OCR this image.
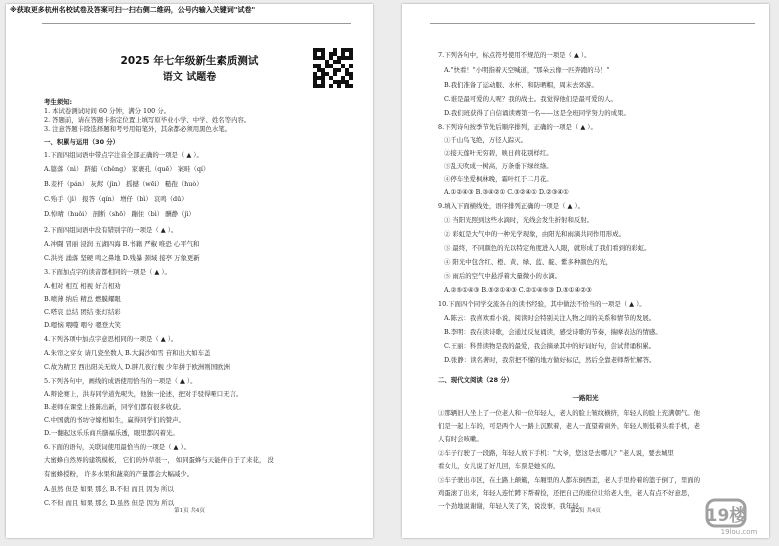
※获取更多杭州名校试卷及答案可扫一扫右侧二维码，公号内输入关键词"试卷"
2025 年七年级新生素质测试
语文 试题卷
考生须知:
1. 本试卷测试时间 60 分钟，满分 100 分。
2. 答题前，请在答题卡指定位置上填写原毕业小学、中学、姓名等内容。
3. 注意答题卡除选择题和考号用铅笔外，其余都必须用黑色水笔。
一、积累与运用（30 分）
1.下面四组词语中带点字注音全部正确的一项是（ ▲ ）。
A.篇落（nì） 跻捕（chěng） 家裹孔（quē） 案畦（qí）
B.麦杆（pán） 灰烬（jìn） 摇撼（wēi） 糙孢（huò）
C.殆手（jì） 报答（qín） 增仔（bì） 哀鸣（dū）
D.悼晴（huǒi） 剖断（shō） 蹦住（bì） 酬静（jì）
2.下面四组词语中没有错别字的一项是（ ▲ ）。
A.冲闘 冒丽 浸润 五湖四海 B.书籍 严椒 唯恐 心平气和
C.洪亮 涌落 坚硬 鸣之鼻地 D.残暴 颈域 接亭 万象更新
3.下面加点字的读音都相同的一项是（ ▲ ）。
A.相对 相互 相视 好言相劝
B.喷薄 纳后 精总 燃膜耀眼
C.嗒哀 总结 团结 张灯结彩
D.嗯恼 喂噬 咽兮 嗯登大笑
4.下列各项中加点字意思相同的一项是（ ▲ ）。
A.朱帘之穿女 请几瓷坐数人 B.大漏沙如雪 苷和出大如车盖
C.故为精卫 西出阳关无故人 D.胖几夜行舰 少年拼于欧洲则国欧洲
5.下列各句中，画线的成语使用恰当的一项是（ ▲ ）。
A.辩论赛上，洪寿同学道先呢失，他独一论述，把对手驳得哑口无言。
B.老师在课堂上推陈出新，同学们都有很多收获。
C.中国就的书坊守嫁相如生，赢得同学们的赞声。
D.一翻起这乐乐商兵膳福乐透，眼里都闪着光。
6.下面的语句，关联词使用最恰当的一项是（ ▲ ）。
大蜜蜂自然界的建筑模板， 它们的外草很一， 如同蛋蜂与天能伴自于了来花， 没
有蜜蜂授粉， 许多水果和蔬菜的产量都会大幅减少。
A.虽然 但是 如果 那么 B.不但 而且 因为 所以
C.不但 而且 如果 那么 D.虽然 但是 因为 所以
第1页 共4页
7.下列各句中，标点符号使用不规范的一项是（ ▲ ）。
A."快看！"小明指着天空喊道，"那朵云像一匹奔跑的马！"
B.我们准备了运动服、水杯、和防晒帽，周末去郊游。
C.谁是最可爱的人呢？我的战士。我觉得他们是最可爱的人。
D.我们班获得了自信诵读赛第一名——这是全班同学努力的成果。
8.下列诗句按季节先后顺序排列，正确的一项是（ ▲ ）。
①千山鸟飞绝，万径人踪灭。
②接天莲叶无穷碧，映日荷花别样红。
③乱天吹成一树高，万条垂下绿丝绦。
④停车坐爱枫林晚，霜叶红于二月花。
A.①②④③ B.③④②① C.③②④① D.②③④①
9.填入下面横线处，语序排列正确的一项是（ ▲ ）。
① 当阳光照到这些水滴时，光线会发生折射和反射。
② 彩虹是大气中的一种光学现象，由阳光和雨滴共同作用形成。
③ 最终，不同颜色的光以特定角度进入人眼，就形成了我们看到的彩虹。
④ 阳光中包含红、橙、黄、绿、蓝、靛、紫多种颜色的光，
⑤ 雨后的空气中悬浮着大量微小的水滴。
A.②⑤①④③ B.⑤②①④③ C.②①④⑤③ D.⑤①④②③
10.下面四个同学交流各自的读书经验，其中做法不恰当的一项是（ ▲ ）。
A.陈云：我喜欢看小说，阅读时会特别关注人物之间的关系和情节的发展。
B.李明：我在读诗歌，会通过反复诵读，感受诗歌的节奏，揣摩表达的情感。
C.王丽：科普读物是我的最爱，我会摘录其中的好词好句，尝试背诵积累。
D.张静：读名著时，我常把不懂的地方做好标记，然后全靠老师帮忙解答。
二、现代文阅读（28 分）
一路阳光
①那辆旧人坐上了一位老人和一位年轻人，老人的脸上皱纹横挤，年轻人的脸上充满朝气。他
们是一起上车的，可是两个人一路上沉默着，老人一直望着窗外，年轻人则低着头看手机，老
人有时会咳嗽。
②车子行驶了一段路，年轻人放下手机："大爷，您这是去哪儿？"老人说，要去城里
看女儿，女儿说了好几回，车票是她买的。
③车子驶出市区，在土路上颠簸，车厢里的人都东倒西歪，老人手里拎着的篮子倒了，里面的
鸡蛋滚了出来，年轻人连忙蹲下帮着捡，还把自己的座位让给老人坐，老人有点不好意思，
一个劲地说谢谢，年轻人笑了笑，说没事，我年轻。
第2页 共4页	19楼
19lou.com
